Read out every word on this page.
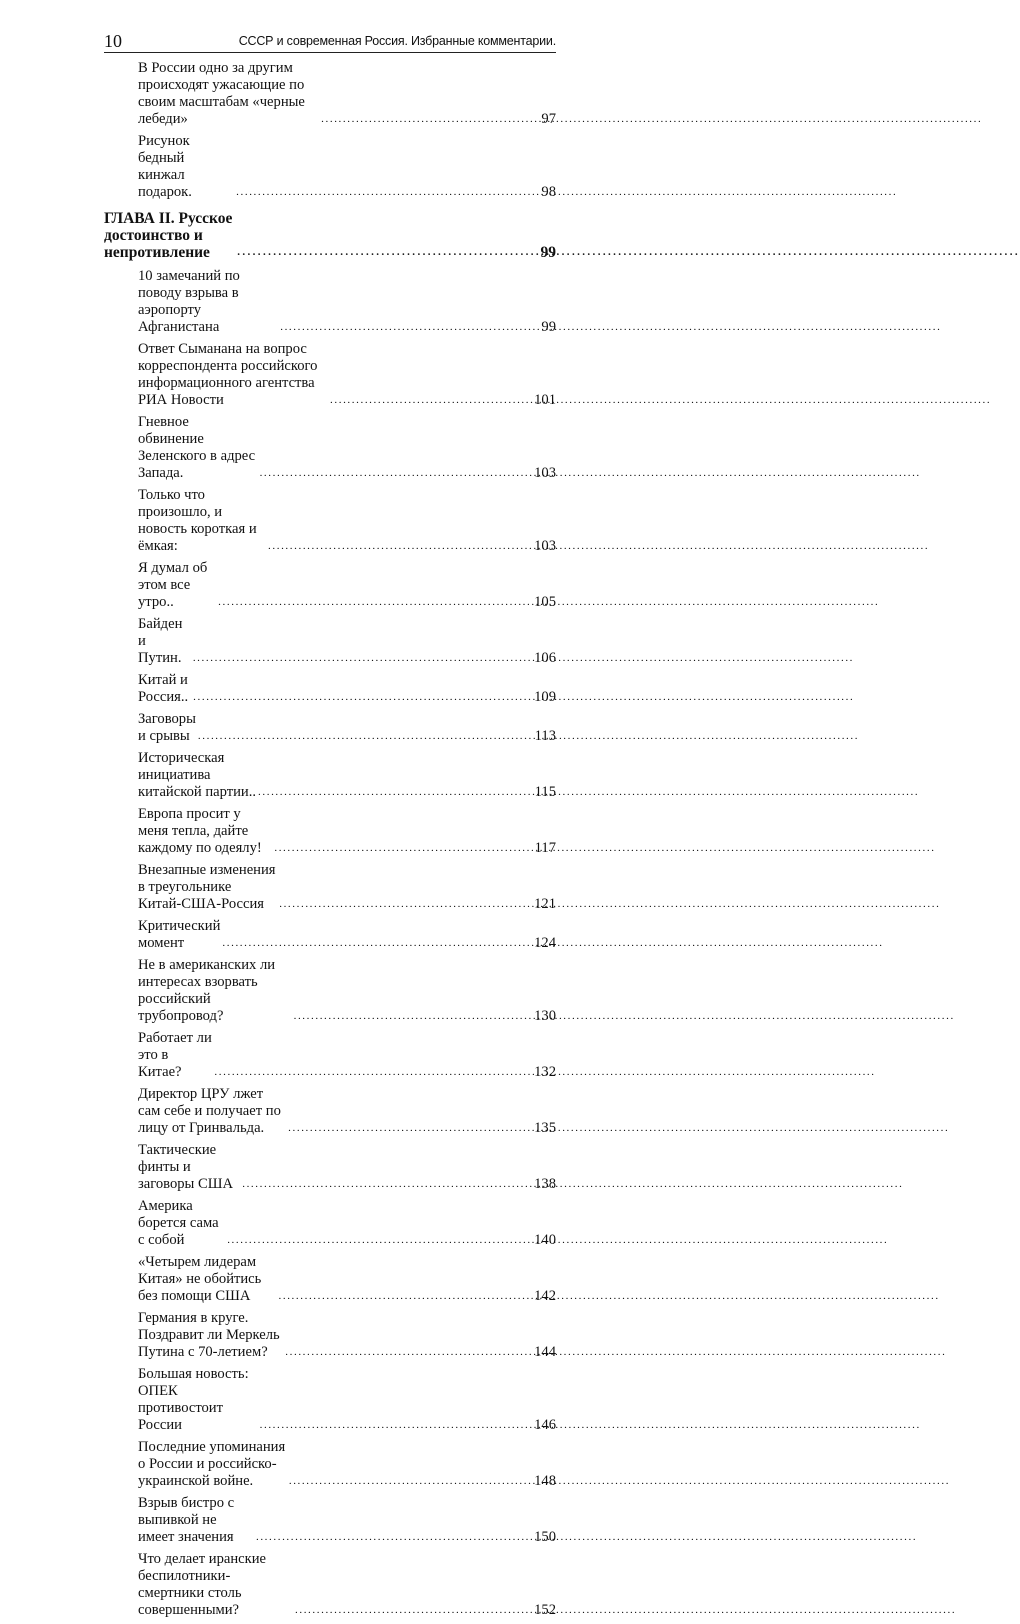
10	СССР и современная Россия. Избранные комментарии.
В России одно за другим происходят ужасающие по своим масштабам «черные лебеди» .....	97
Рисунок бедный кинжал подарок. .....	98
ГЛАВА II. Русское достоинство и непротивление .....	99
10 замечаний по поводу взрыва в аэропорту Афганистана .....	99
Ответ Сыманана на вопрос корреспондента российского информационного агентства РИА Новости .....	101
Гневное обвинение Зеленского в адрес Запада. .....	103
Только что произошло, и новость короткая и ёмкая: .....	103
Я думал об этом все утро.. .....	105
Байден и Путин. .....	106
Китай и Россия.. .....	109
Заговоры и срывы .....	113
Историческая инициатива китайской партии.. .....	115
Европа просит у меня тепла, дайте каждому по одеялу! .....	117
Внезапные изменения в треугольнике Китай-США-Россия .....	121
Критический момент .....	124
Не в американских ли интересах взорвать российский трубопровод? .....	130
Работает ли это в Китае? .....	132
Директор ЦРУ лжет сам себе и получает по лицу от Гринвальда. .....	135
Тактические финты и заговоры США .....	138
Америка борется сама с собой .....	140
«Четырем лидерам Китая» не обойтись без помощи США .....	142
Германия в круге. Поздравит ли Меркель Путина с 70-летием? .....	144
Большая новость: ОПЕК противостоит России .....	146
Последние упоминания о России и российско-украинской войне. .....	148
Взрыв бистро с выпивкой не имеет значения .....	150
Что делает иранские беспилотники-смертники столь совершенными? .....	152
